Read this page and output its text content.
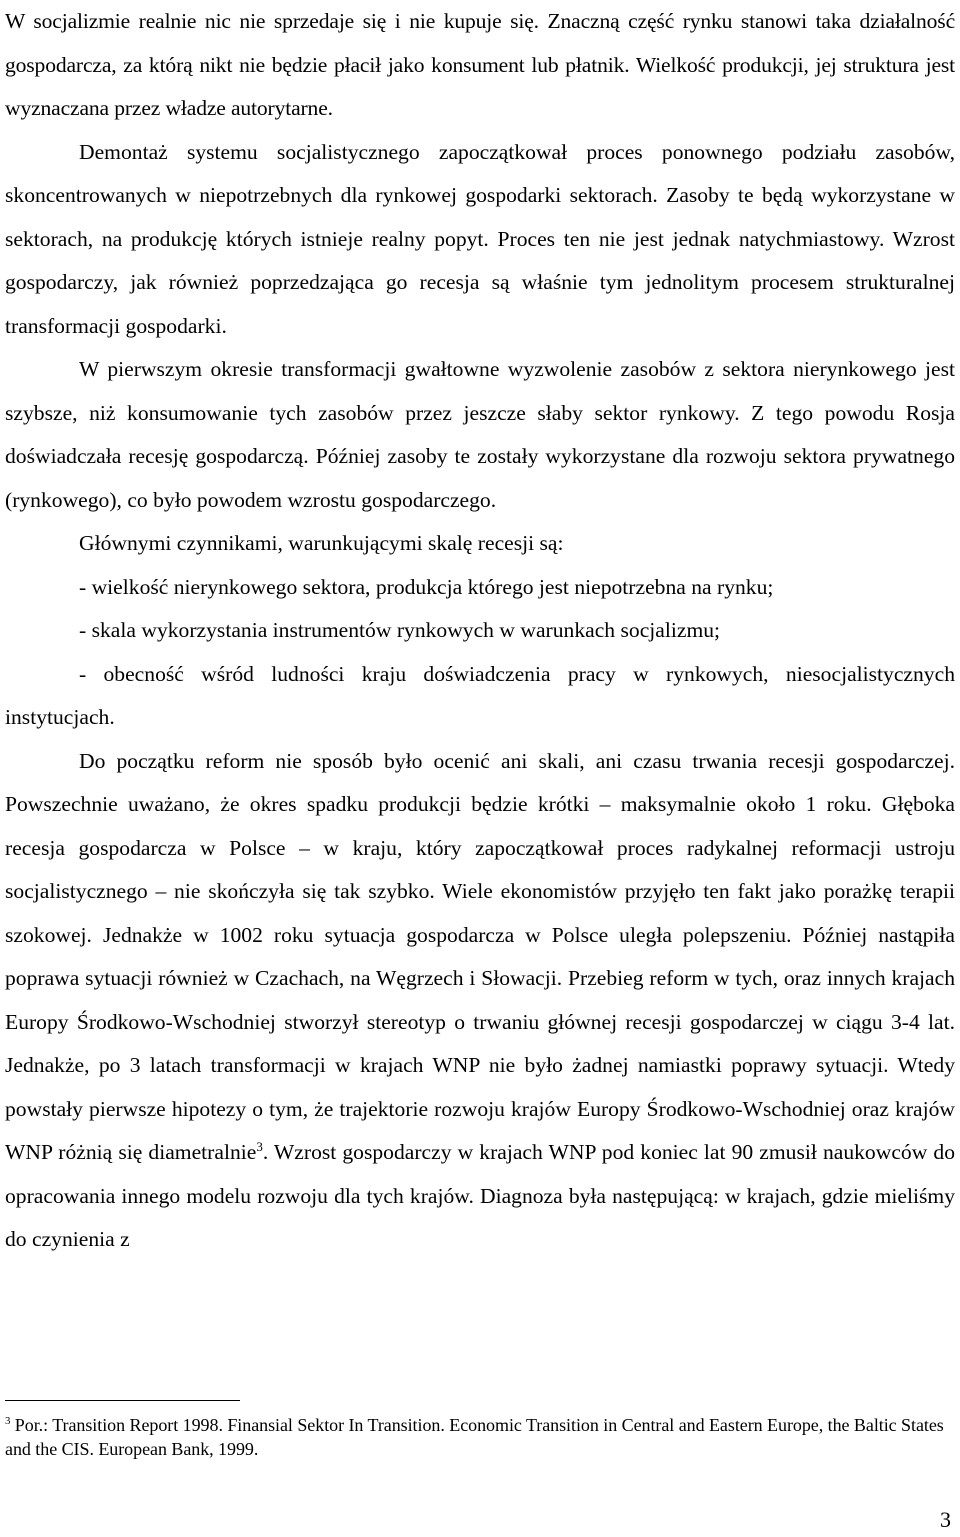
W socjalizmie realnie nic nie sprzedaje się i nie kupuje się. Znaczną część rynku stanowi taka działalność gospodarcza, za którą nikt nie będzie płacił jako konsument lub płatnik. Wielkość produkcji, jej struktura jest wyznaczana przez władze autorytarne.

Demontaż systemu socjalistycznego zapoczątkował proces ponownego podziału zasobów, skoncentrowanych w niepotrzebnych dla rynkowej gospodarki sektorach. Zasoby te będą wykorzystane w sektorach, na produkcję których istnieje realny popyt. Proces ten nie jest jednak natychmiastowy. Wzrost gospodarczy, jak również poprzedzająca go recesja są właśnie tym jednolitym procesem strukturalnej transformacji gospodarki.

W pierwszym okresie transformacji gwałtowne wyzwolenie zasobów z sektora nierynkowego jest szybsze, niż konsumowanie tych zasobów przez jeszcze słaby sektor rynkowy. Z tego powodu Rosja doświadczała recesję gospodarczą. Później zasoby te zostały wykorzystane dla rozwoju sektora prywatnego (rynkowego), co było powodem wzrostu gospodarczego.

Głównymi czynnikami, warunkującymi skalę recesji są:

- wielkość nierynkowego sektora, produkcja którego jest niepotrzebna na rynku;

- skala wykorzystania instrumentów rynkowych w warunkach socjalizmu;

- obecność wśród ludności kraju doświadczenia pracy w rynkowych, niesocjalistycznych instytucjach.

Do początku reform nie sposób było ocenić ani skali, ani czasu trwania recesji gospodarczej. Powszechnie uważano, że okres spadku produkcji będzie krótki – maksymalnie około 1 roku. Głęboka recesja gospodarcza w Polsce – w kraju, który zapoczątkował proces radykalnej reformacji ustroju socjalistycznego – nie skończyła się tak szybko. Wiele ekonomistów przyjęło ten fakt jako porażkę terapii szokowej. Jednakże w 1002 roku sytuacja gospodarcza w Polsce uległa polepszeniu. Później nastąpiła poprawa sytuacji również w Czachach, na Węgrzech i Słowacji. Przebieg reform w tych, oraz innych krajach Europy Środkowo-Wschodniej stworzył stereotyp o trwaniu głównej recesji gospodarczej w ciągu 3-4 lat. Jednakże, po 3 latach transformacji w krajach WNP nie było żadnej namiastki poprawy sytuacji. Wtedy powstały pierwsze hipotezy o tym, że trajektorie rozwoju krajów Europy Środkowo-Wschodniej oraz krajów WNP różnią się diametralnie$^3$. Wzrost gospodarczy w krajach WNP pod koniec lat 90 zmusił naukowców do opracowania innego modelu rozwoju dla tych krajów. Diagnoza była następującą: w krajach, gdzie mieliśmy do czynienia z

$^3$ Por.: Transition Report 1998. Finansial Sektor In Transition. Economic Transition in Central and Eastern Europe, the Baltic States and the CIS. European Bank, 1999.
3
